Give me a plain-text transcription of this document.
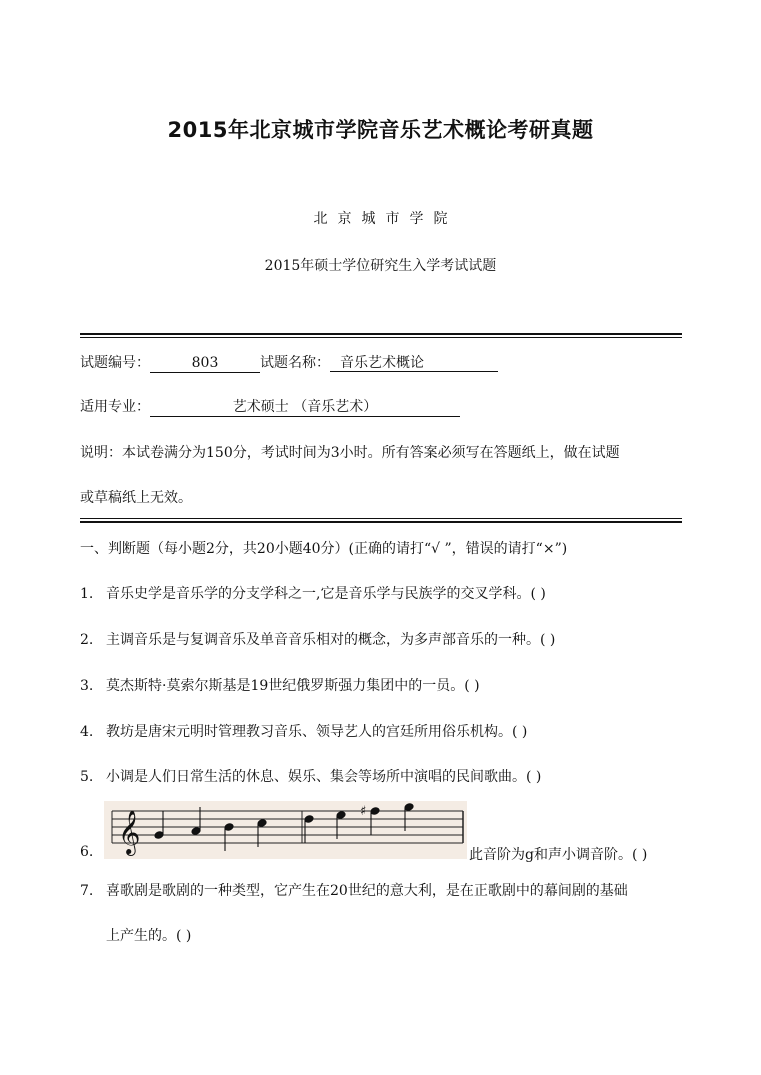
2015年北京城市学院音乐艺术概论考研真题
北京城市学院
2015年硕士学位研究生入学考试试题
试题编号：	803	试题名称： 音乐艺术概论
适用专业：	艺术硕士 （音乐艺术）
说明：本试卷满分为150分，考试时间为3小时。所有答案必须写在答题纸上，做在试题
或草稿纸上无效。
一、判断题（每小题2分，共20小题40分）(正确的请打“√ ”，错误的请打“×”)
1. 音乐史学是音乐学的分支学科之一,它是音乐学与民族学的交叉学科。( )
2. 主调音乐是与复调音乐及单音音乐相对的概念，为多声部音乐的一种。( )
3. 莫杰斯特·莫索尔斯基是19世纪俄罗斯强力集团中的一员。( )
4. 教坊是唐宋元明时管理教习音乐、领导艺人的宫廷所用俗乐机构。( )
5. 小调是人们日常生活的休息、娱乐、集会等场所中演唱的民间歌曲。( )
6. 𝄞	♯
此音阶为g和声小调音阶。( )
7. 喜歌剧是歌剧的一种类型，它产生在20世纪的意大利，是在正歌剧中的幕间剧的基础
上产生的。( )
